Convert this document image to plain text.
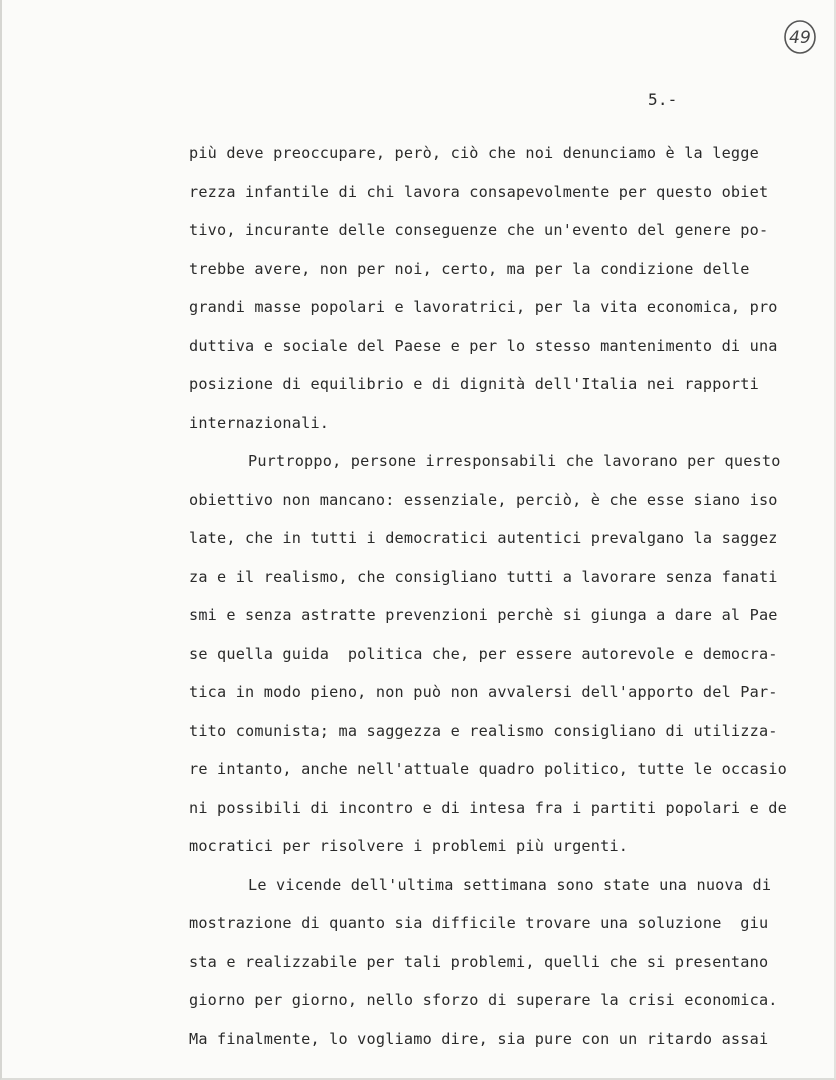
49
5.-
più deve preoccupare, però, ciò che noi denunciamo è la legge
rezza infantile di chi lavora consapevolmente per questo obiet
tivo, incurante delle conseguenze che un'evento del genere po-
trebbe avere, non per noi, certo, ma per la condizione delle
grandi masse popolari e lavoratrici, per la vita economica, pro
duttiva e sociale del Paese e per lo stesso mantenimento di una
posizione di equilibrio e di dignità dell'Italia nei rapporti
internazionali.
Purtroppo, persone irresponsabili che lavorano per questo
obiettivo non mancano: essenziale, perciò, è che esse siano iso
late, che in tutti i democratici autentici prevalgano la saggez
za e il realismo, che consigliano tutti a lavorare senza fanati
smi e senza astratte prevenzioni perchè si giunga a dare al Pae
se quella guida  politica che, per essere autorevole e democra-
tica in modo pieno, non può non avvalersi dell'apporto del Par-
tito comunista; ma saggezza e realismo consigliano di utilizza-
re intanto, anche nell'attuale quadro politico, tutte le occasio
ni possibili di incontro e di intesa fra i partiti popolari e de
mocratici per risolvere i problemi più urgenti.
Le vicende dell'ultima settimana sono state una nuova di
mostrazione di quanto sia difficile trovare una soluzione  giu
sta e realizzabile per tali problemi, quelli che si presentano
giorno per giorno, nello sforzo di superare la crisi economica.
Ma finalmente, lo vogliamo dire, sia pure con un ritardo assai
